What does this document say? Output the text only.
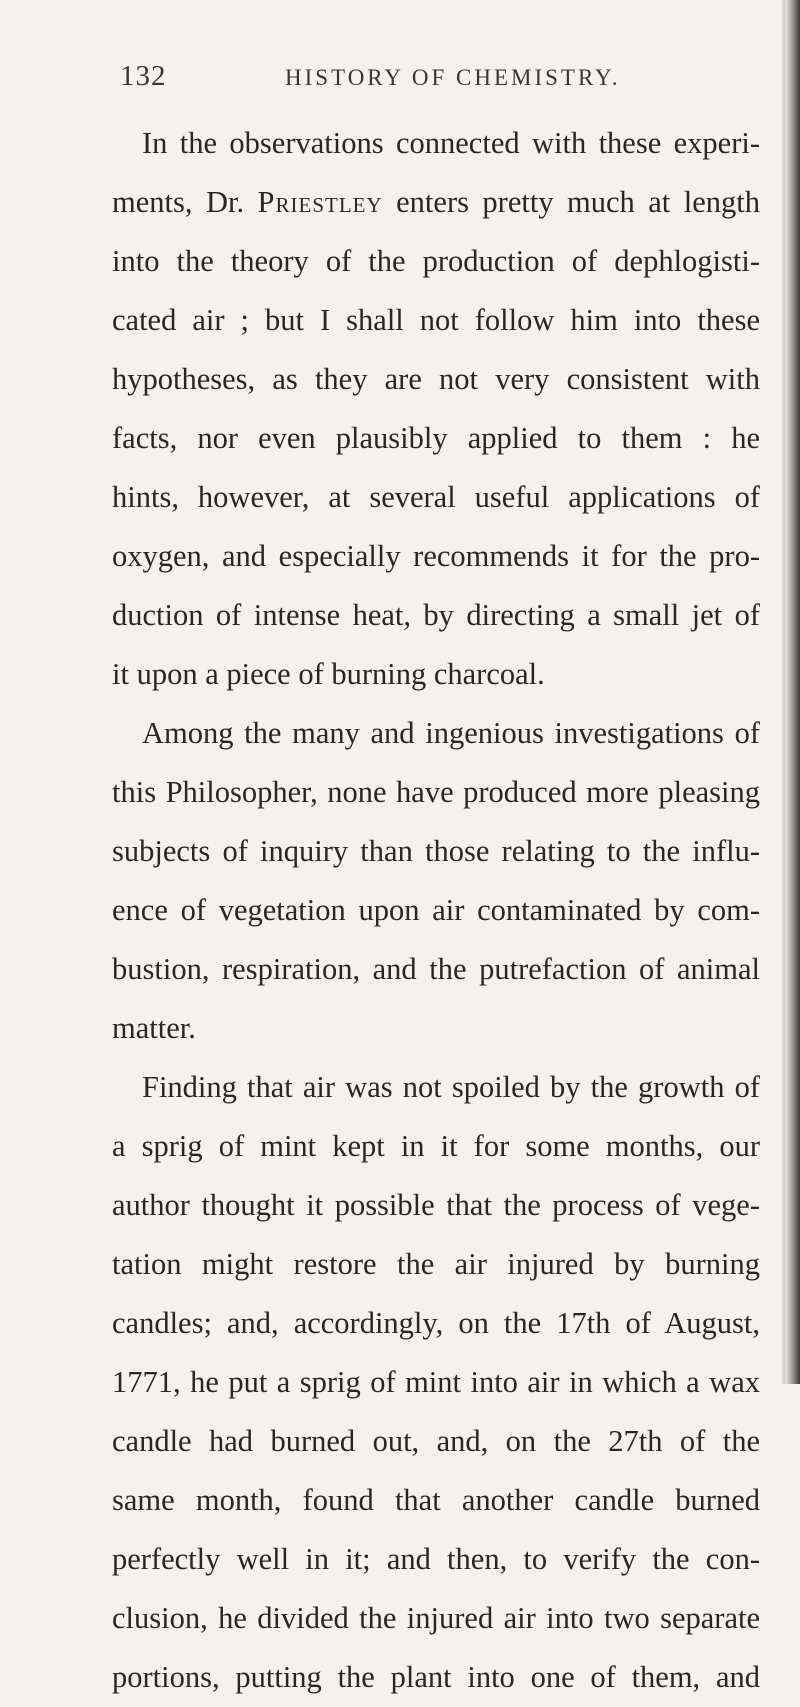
132	HISTORY OF CHEMISTRY.
In the observations connected with these experi-
ments, Dr. Priestley enters pretty much at length
into the theory of the production of dephlogisti-
cated air ; but I shall not follow him into these
hypotheses, as they are not very consistent with
facts, nor even plausibly applied to them : he
hints, however, at several useful applications of
oxygen, and especially recommends it for the pro-
duction of intense heat, by directing a small jet of
it upon a piece of burning charcoal.
Among the many and ingenious investigations of
this Philosopher, none have produced more pleasing
subjects of inquiry than those relating to the influ-
ence of vegetation upon air contaminated by com-
bustion, respiration, and the putrefaction of animal
matter.
Finding that air was not spoiled by the growth of
a sprig of mint kept in it for some months, our
author thought it possible that the process of vege-
tation might restore the air injured by burning
candles; and, accordingly, on the 17th of August,
1771, he put a sprig of mint into air in which a wax
candle had burned out, and, on the 27th of the
same month, found that another candle burned
perfectly well in it; and then, to verify the con-
clusion, he divided the injured air into two separate
portions, putting the plant into one of them, and
